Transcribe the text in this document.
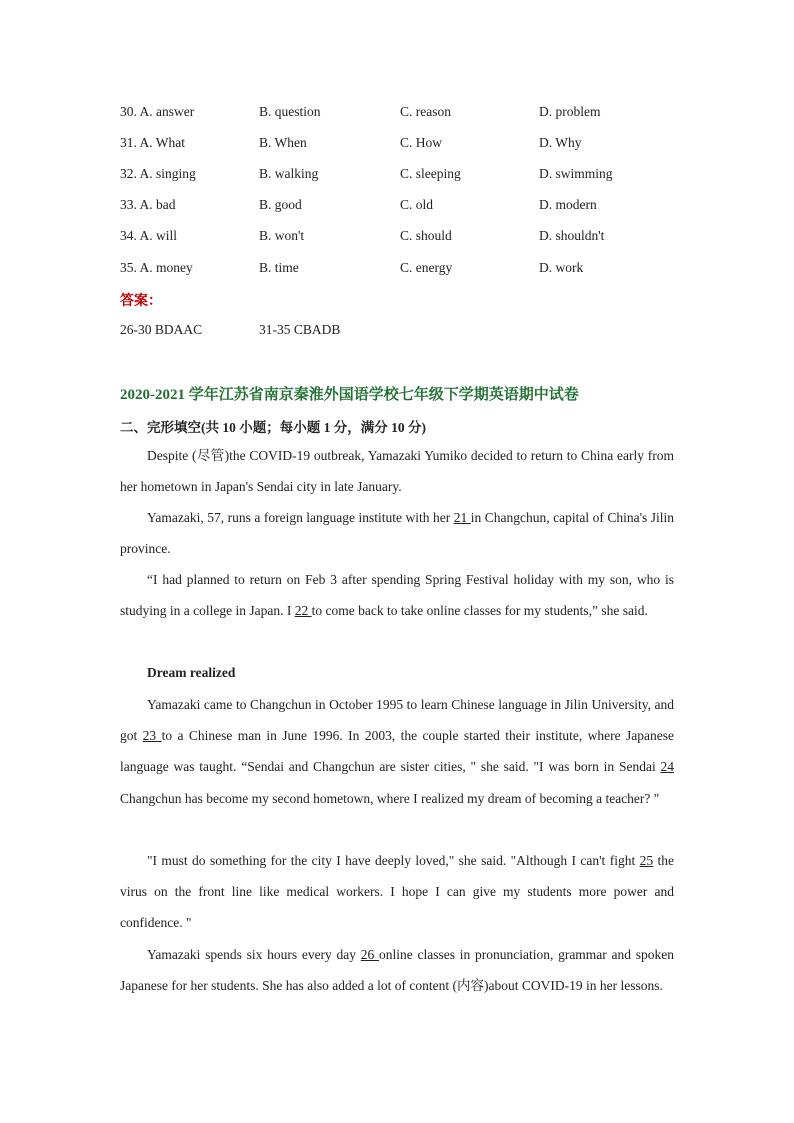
30. A. answer	B. question	C. reason	D. problem
31. A. What	B. When	C. How	D. Why
32. A. singing	B. walking	C. sleeping	D. swimming
33. A. bad	B. good	C. old	D. modern
34. A. will	B. won't	C. should	D. shouldn't
35. A. money	B. time	C. energy	D. work
答案：
26-30 BDAAC	31-35 CBADB
2020-2021 学年江苏省南京秦淮外国语学校七年级下学期英语期中试卷
二、完形填空(共 10 小题；每小题 1 分，满分 10 分)

Despite (尽管)the COVID-19 outbreak, Yamazaki Yumiko decided to return to China early from her hometown in Japan's Sendai city in late January.

Yamazaki, 57, runs a foreign language institute with her 21 in Changchun, capital of China's Jilin province.

“I had planned to return on Feb 3 after spending Spring Festival holiday with my son, who is studying in a college in Japan. I 22 to come back to take online classes for my students,” she said.

Dream realized

Yamazaki came to Changchun in October 1995 to learn Chinese language in Jilin University, and got 23 to a Chinese man in June 1996. In 2003, the couple started their institute, where Japanese language was taught. “Sendai and Changchun are sister cities, " she said. "I was born in Sendai 24 Changchun has become my second hometown, where I realized my dream of becoming a teacher? "

"I must do something for the city I have deeply loved," she said. "Although I can't fight 25 the virus on the front line like medical workers. I hope I can give my students more power and confidence. "

Yamazaki spends six hours every day 26 online classes in pronunciation, grammar and spoken Japanese for her students. She has also added a lot of content (内容)about COVID-19 in her lessons.
